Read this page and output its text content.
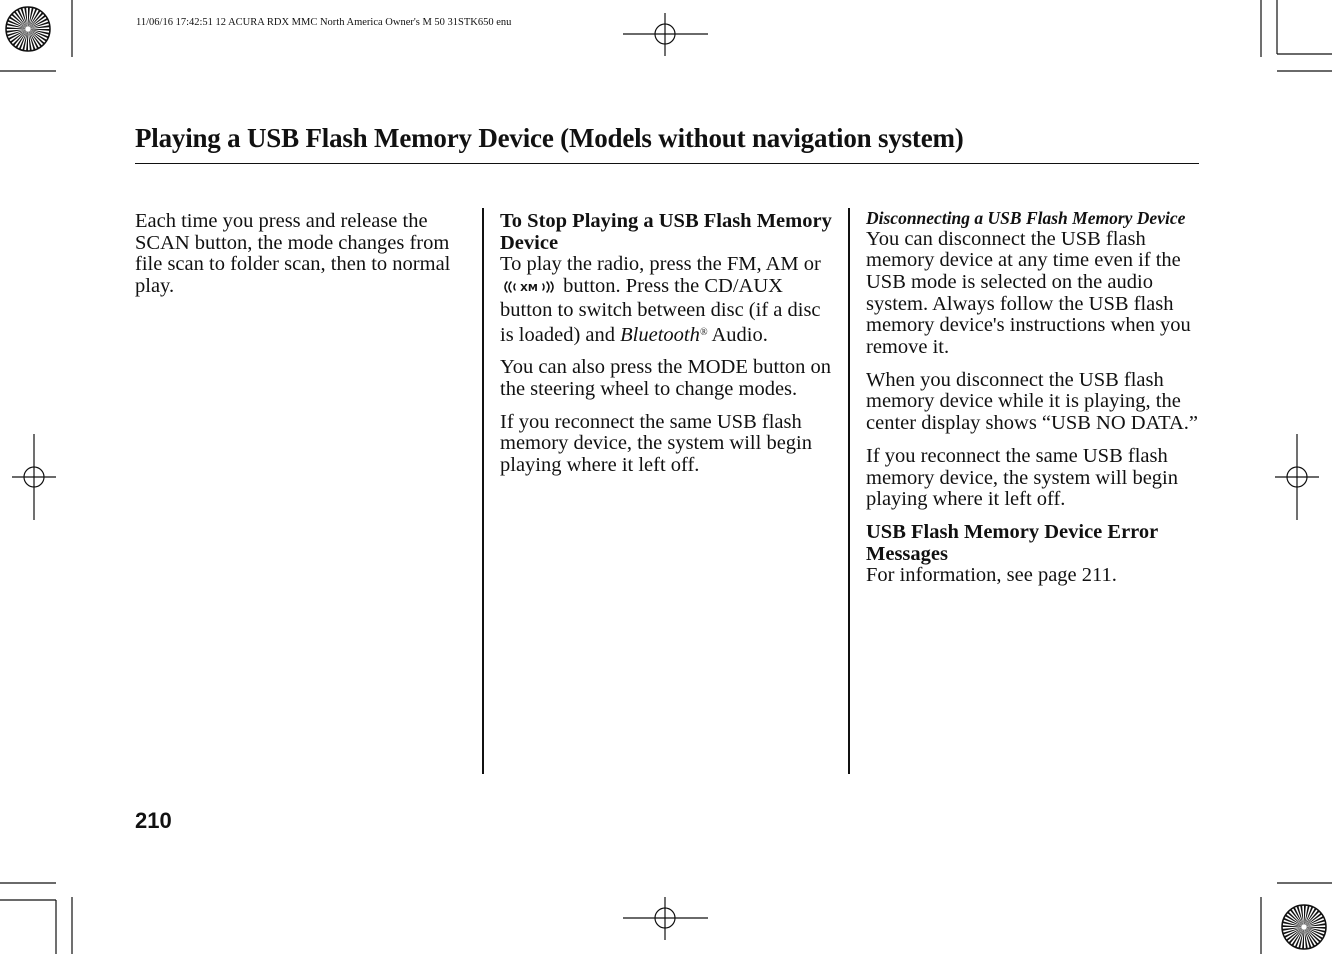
11/06/16 17:42:51 12 ACURA RDX MMC North America Owner's M 50 31STK650 enu
Playing a USB Flash Memory Device (Models without navigation system)

Each time you press and release the SCAN button, the mode changes from file scan to folder scan, then to normal play.

To Stop Playing a USB Flash Memory Device

To play the radio, press the FM, AM or
XM button. Press the CD/AUX button to switch between disc (if a disc is loaded) and Bluetooth® Audio.

You can also press the MODE button on the steering wheel to change modes.

If you reconnect the same USB flash memory device, the system will begin playing where it left off.

Disconnecting a USB Flash Memory Device

You can disconnect the USB flash memory device at any time even if the USB mode is selected on the audio system. Always follow the USB flash memory device's instructions when you remove it.

When you disconnect the USB flash memory device while it is playing, the center display shows “USB NO DATA.”

If you reconnect the same USB flash memory device, the system will begin playing where it left off.

USB Flash Memory Device Error Messages

For information, see page 211.

210
